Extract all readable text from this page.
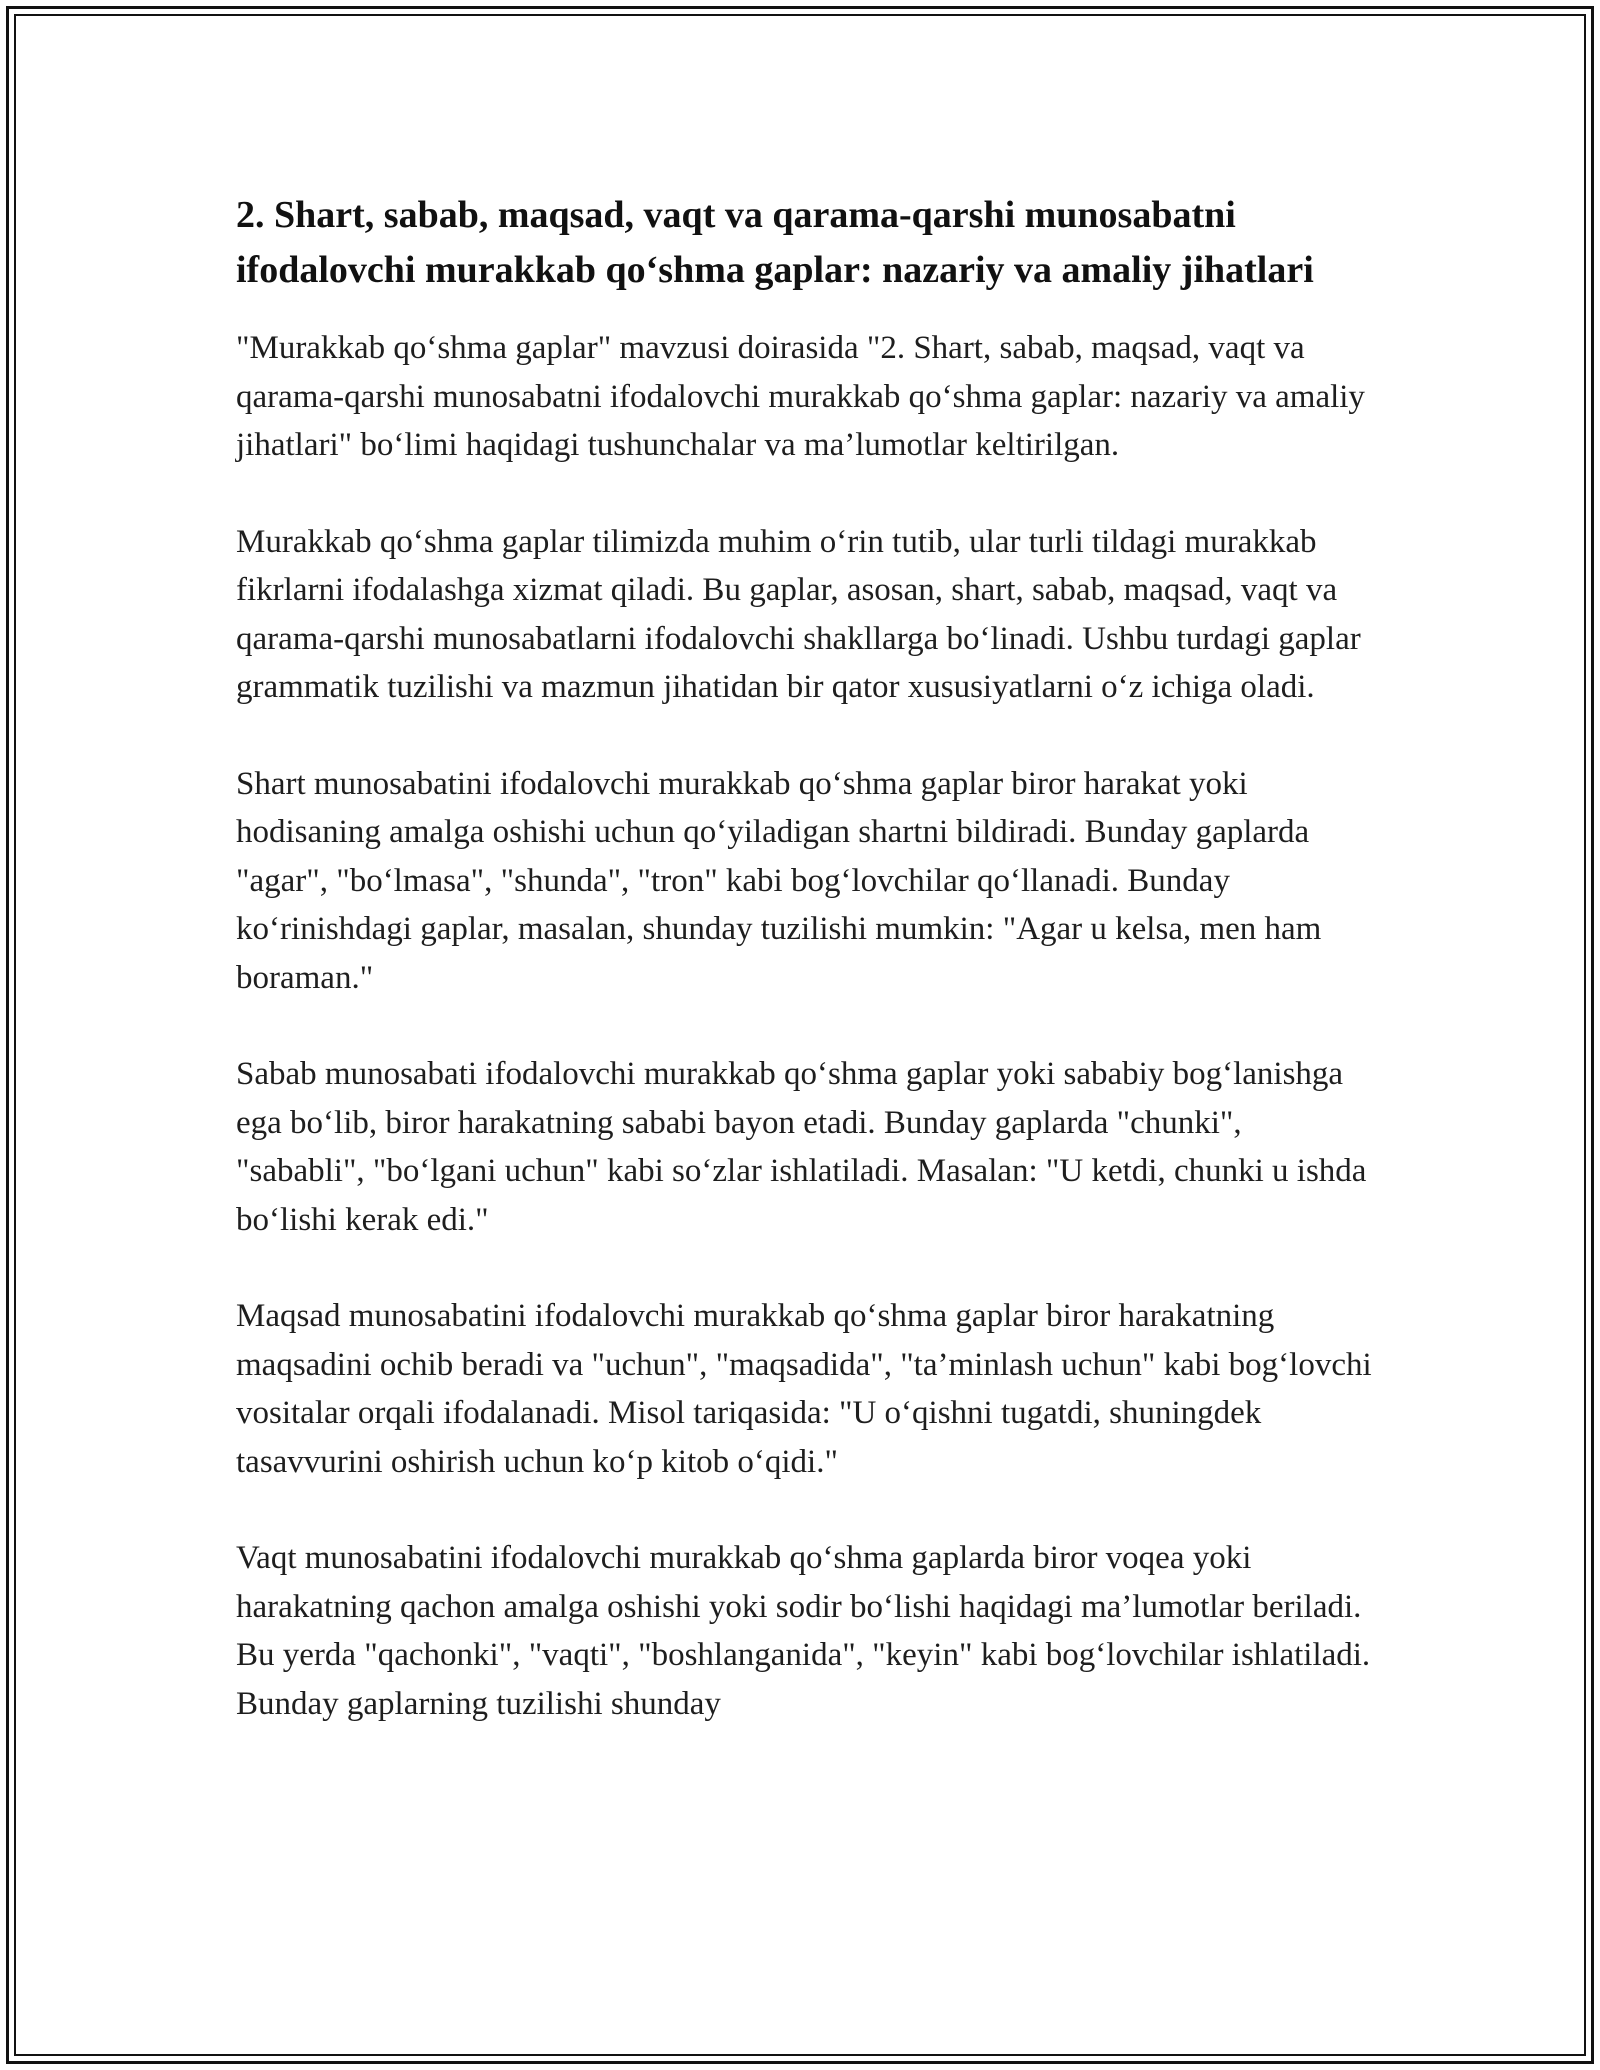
2. Shart, sabab, maqsad, vaqt va qarama-qarshi munosabatni ifodalovchi murakkab qo‘shma gaplar: nazariy va amaliy jihatlari

"Murakkab qo‘shma gaplar" mavzusi doirasida "2. Shart, sabab, maqsad, vaqt va qarama-qarshi munosabatni ifodalovchi murakkab qo‘shma gaplar: nazariy va amaliy jihatlari" bo‘limi haqidagi tushunchalar va ma’lumotlar keltirilgan.

Murakkab qo‘shma gaplar tilimizda muhim o‘rin tutib, ular turli tildagi murakkab fikrlarni ifodalashga xizmat qiladi. Bu gaplar, asosan, shart, sabab, maqsad, vaqt va qarama-qarshi munosabatlarni ifodalovchi shakllarga bo‘linadi. Ushbu turdagi gaplar grammatik tuzilishi va mazmun jihatidan bir qator xususiyatlarni o‘z ichiga oladi.

Shart munosabatini ifodalovchi murakkab qo‘shma gaplar biror harakat yoki hodisaning amalga oshishi uchun qo‘yiladigan shartni bildiradi. Bunday gaplarda "agar", "bo‘lmasa", "shunda", "tron" kabi bog‘lovchilar qo‘llanadi. Bunday ko‘rinishdagi gaplar, masalan, shunday tuzilishi mumkin: "Agar u kelsa, men ham boraman."

Sabab munosabati ifodalovchi murakkab qo‘shma gaplar yoki sababiy bog‘lanishga ega bo‘lib, biror harakatning sababi bayon etadi. Bunday gaplarda "chunki", "sababli", "bo‘lgani uchun" kabi so‘zlar ishlatiladi. Masalan: "U ketdi, chunki u ishda bo‘lishi kerak edi."

Maqsad munosabatini ifodalovchi murakkab qo‘shma gaplar biror harakatning maqsadini ochib beradi va "uchun", "maqsadida", "ta’minlash uchun" kabi bog‘lovchi vositalar orqali ifodalanadi. Misol tariqasida: "U o‘qishni tugatdi, shuningdek tasavvurini oshirish uchun ko‘p kitob o‘qidi."

Vaqt munosabatini ifodalovchi murakkab qo‘shma gaplarda biror voqea yoki harakatning qachon amalga oshishi yoki sodir bo‘lishi haqidagi ma’lumotlar beriladi. Bu yerda "qachonki", "vaqti", "boshlanganida", "keyin" kabi bog‘lovchilar ishlatiladi. Bunday gaplarning tuzilishi shunday
